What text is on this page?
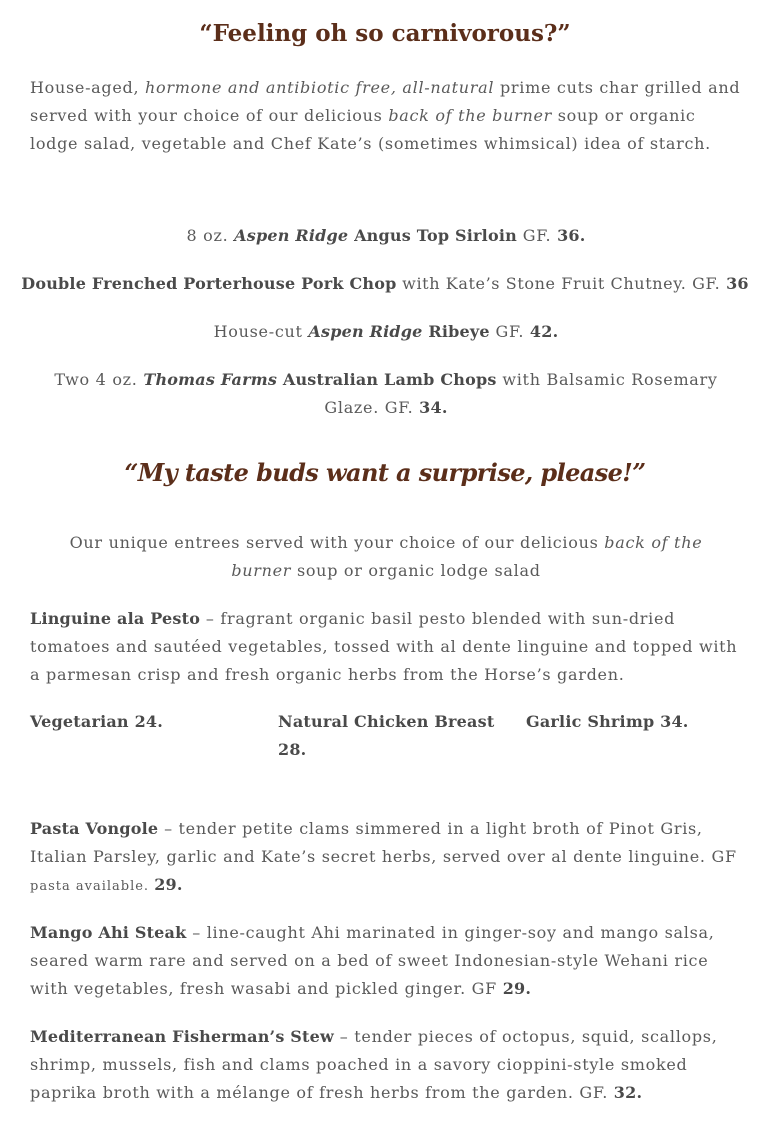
“Feeling oh so carnivorous?”

House-aged, hormone and antibiotic free, all-natural prime cuts char grilled and served with your choice of our delicious back of the burner soup or organic lodge salad, vegetable and Chef Kate’s (sometimes whimsical) idea of starch.

8 oz. Aspen Ridge Angus Top Sirloin GF. 36.

Double Frenched Porterhouse Pork Chop with Kate’s Stone Fruit Chutney. GF. 36

House-cut Aspen Ridge Ribeye GF. 42.

Two 4 oz. Thomas Farms Australian Lamb Chops with Balsamic Rosemary Glaze. GF. 34.

“My taste buds want a surprise, please!”

Our unique entrees served with your choice of our delicious back of the burner soup or organic lodge salad

Linguine ala Pesto – fragrant organic basil pesto blended with sun-dried tomatoes and sautéed vegetables, tossed with al dente linguine and topped with a parmesan crisp and fresh organic herbs from the Horse’s garden.

Vegetarian 24.	Natural Chicken Breast 28.
Garlic Shrimp 34.

Pasta Vongole – tender petite clams simmered in a light broth of Pinot Gris, Italian Parsley, garlic and Kate’s secret herbs, served over al dente linguine. GF pasta available. 29.

Mango Ahi Steak – line-caught Ahi marinated in ginger-soy and mango salsa, seared warm rare and served on a bed of sweet Indonesian-style Wehani rice with vegetables, fresh wasabi and pickled ginger. GF 29.

Mediterranean Fisherman’s Stew – tender pieces of octopus, squid, scallops, shrimp, mussels, fish and clams poached in a savory cioppini-style smoked paprika broth with a mélange of fresh herbs from the garden. GF. 32.
